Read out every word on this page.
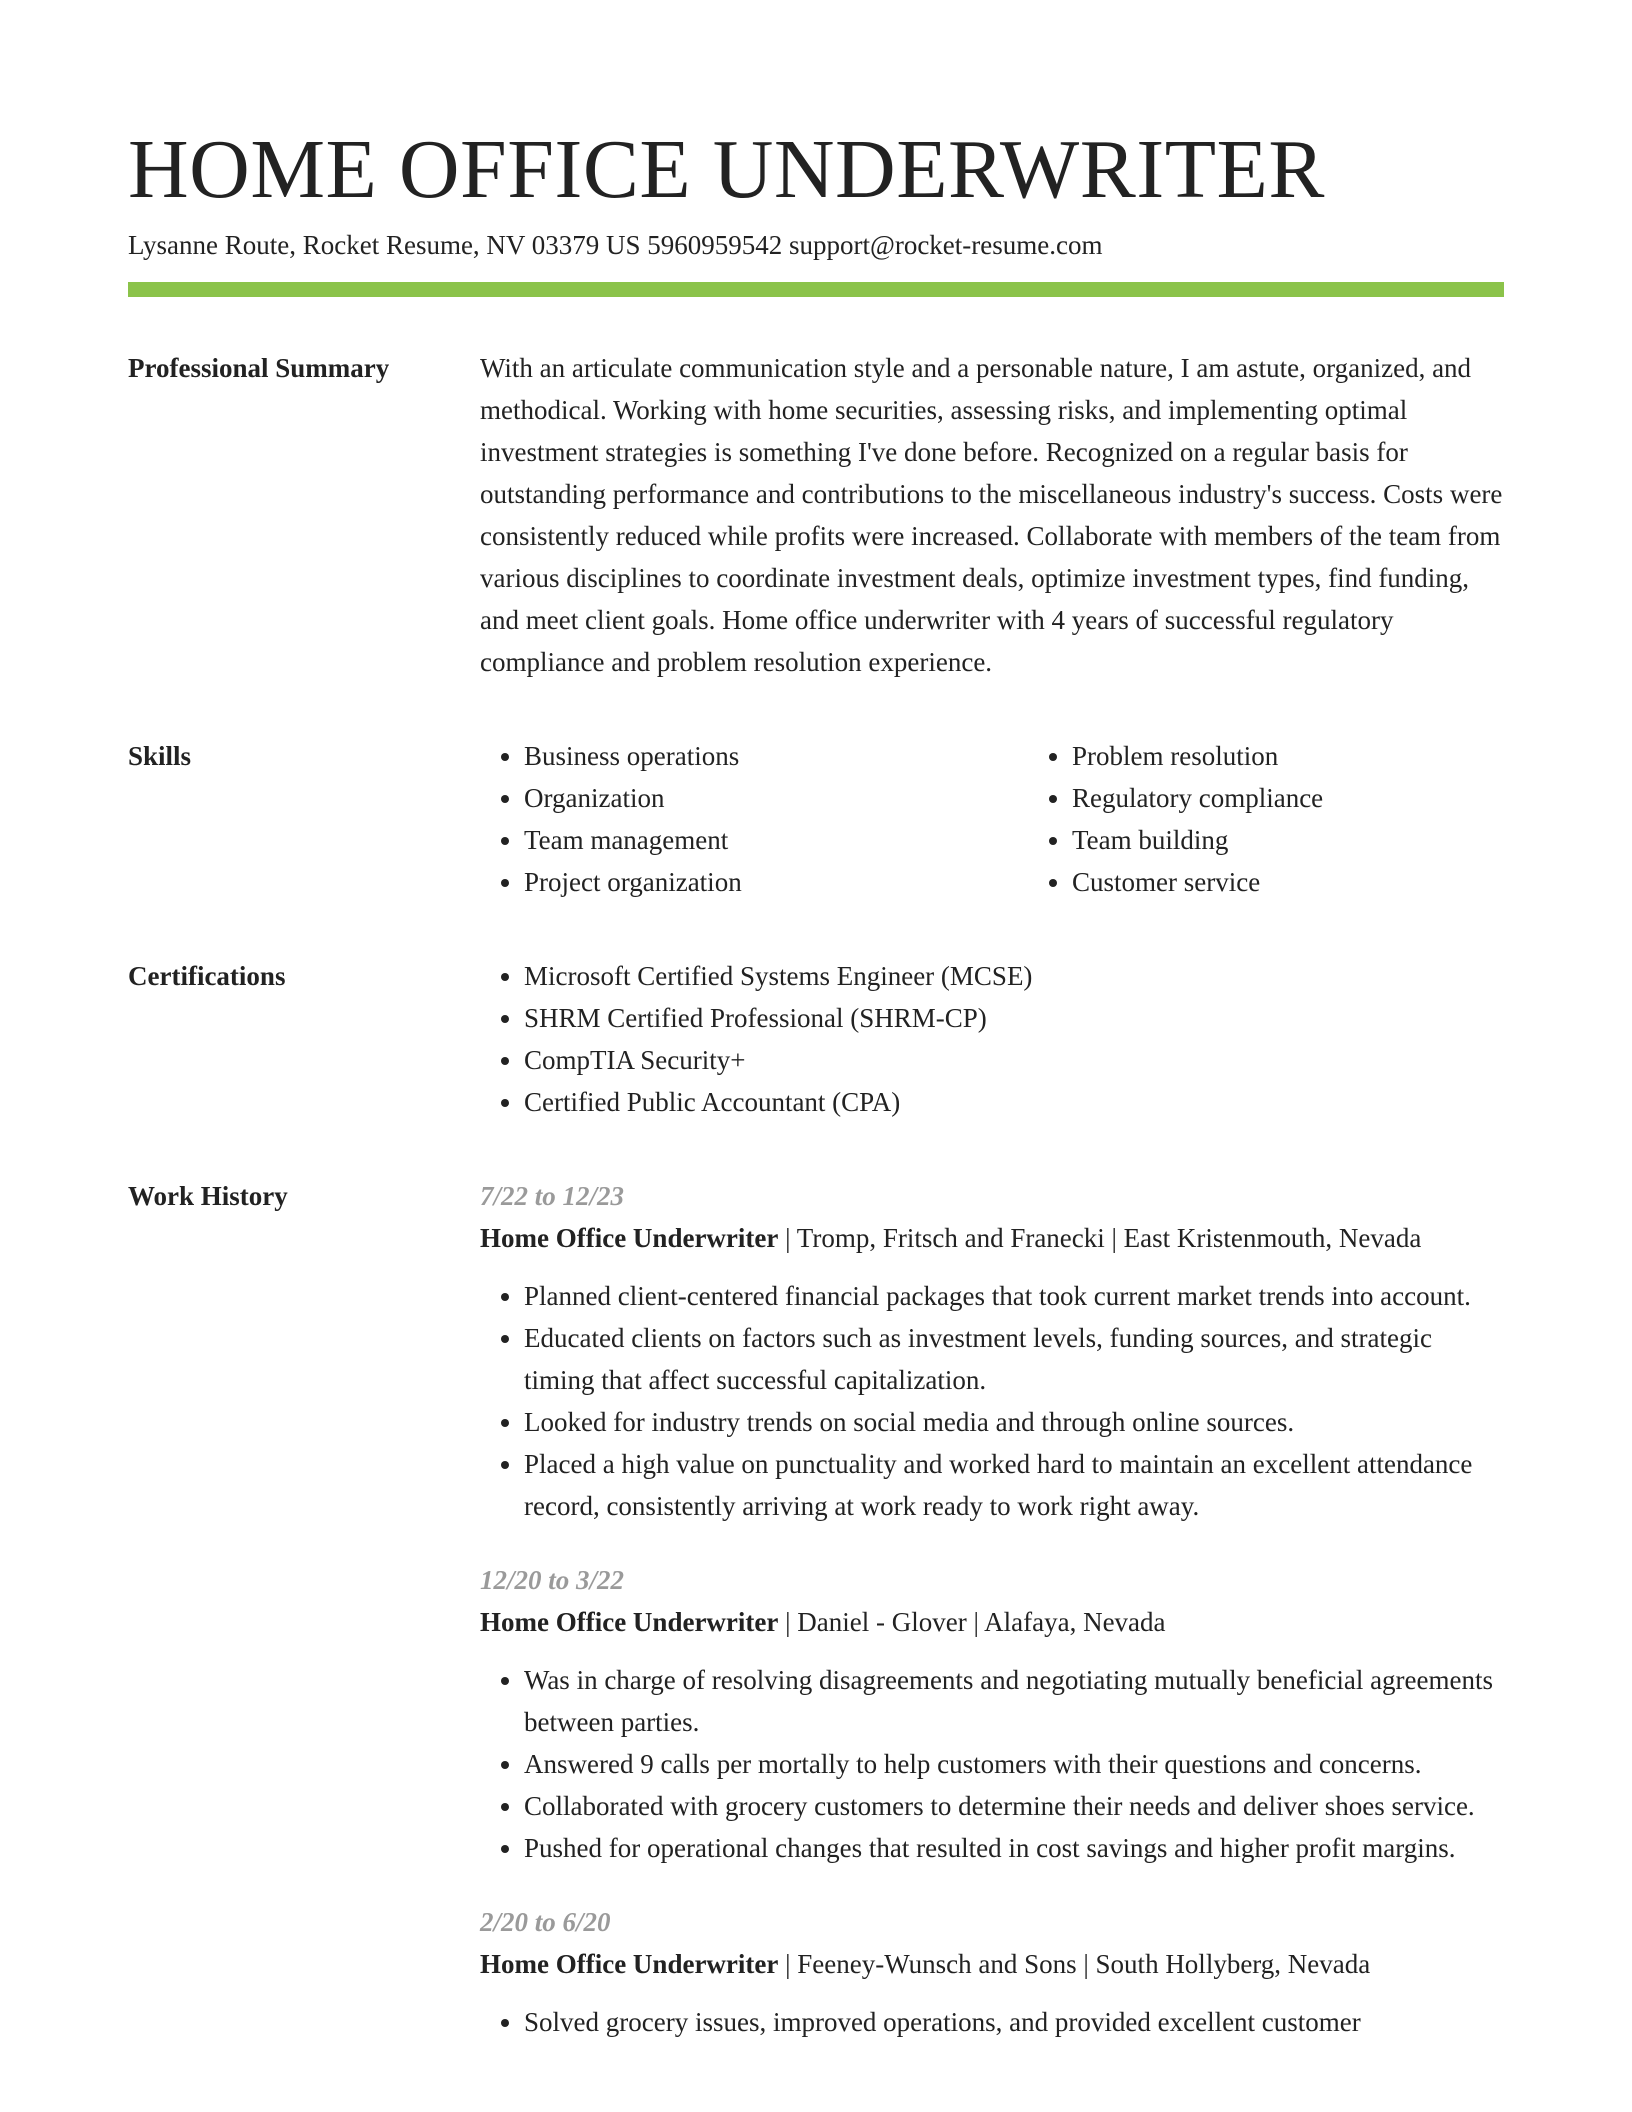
HOME OFFICE UNDERWRITER
Lysanne Route, Rocket Resume, NV 03379 US 5960959542 support@rocket-resume.com
Professional Summary	With an articulate communication style and a personable nature, I am astute, organized, and methodical. Working with home securities, assessing risks, and implementing optimal investment strategies is something I've done before. Recognized on a regular basis for outstanding performance and contributions to the miscellaneous industry's success. Costs were consistently reduced while profits were increased. Collaborate with members of the team from various disciplines to coordinate investment deals, optimize investment types, find funding, and meet client goals. Home office underwriter with 4 years of successful regulatory compliance and problem resolution experience.

Skills	• Business operations
• Organization
• Team management
• Project organization
• Problem resolution
• Regulatory compliance
• Team building
• Customer service
Certifications	• Microsoft Certified Systems Engineer (MCSE)
• SHRM Certified Professional (SHRM-CP)
• CompTIA Security+
• Certified Public Accountant (CPA)
Work History	7/22 to 12/23
Home Office Underwriter | Tromp, Fritsch and Franecki | East Kristenmouth, Nevada
• Planned client-centered financial packages that took current market trends into account.
• Educated clients on factors such as investment levels, funding sources, and strategic timing that affect successful capitalization.
• Looked for industry trends on social media and through online sources.
• Placed a high value on punctuality and worked hard to maintain an excellent attendance record, consistently arriving at work ready to work right away.
12/20 to 3/22
Home Office Underwriter | Daniel - Glover | Alafaya, Nevada
• Was in charge of resolving disagreements and negotiating mutually beneficial agreements between parties.
• Answered 9 calls per mortally to help customers with their questions and concerns.
• Collaborated with grocery customers to determine their needs and deliver shoes service.
• Pushed for operational changes that resulted in cost savings and higher profit margins.
2/20 to 6/20
Home Office Underwriter | Feeney-Wunsch and Sons | South Hollyberg, Nevada
• Solved grocery issues, improved operations, and provided excellent customer
